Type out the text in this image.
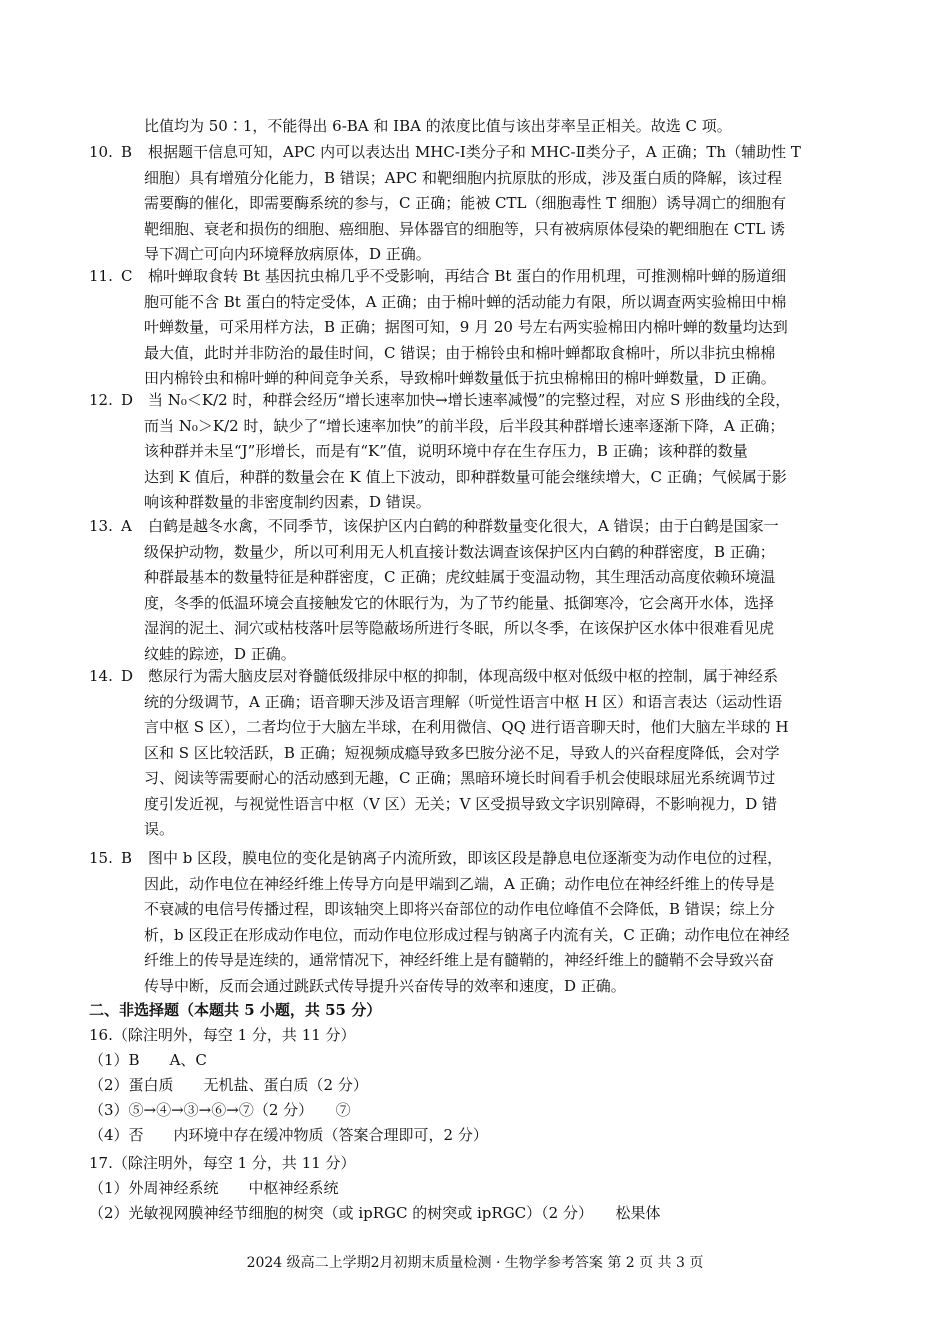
比值均为 50∶1，不能得出 6-BA 和 IBA 的浓度比值与该出芽率呈正相关。故选 C 项。
10. B 根据题干信息可知，APC 内可以表达出 MHC-Ⅰ类分子和 MHC-Ⅱ类分子，A 正确；Th（辅助性 T
细胞）具有增殖分化能力，B 错误；APC 和靶细胞内抗原肽的形成，涉及蛋白质的降解，该过程
需要酶的催化，即需要酶系统的参与，C 正确；能被 CTL（细胞毒性 T 细胞）诱导凋亡的细胞有
靶细胞、衰老和损伤的细胞、癌细胞、异体器官的细胞等，只有被病原体侵染的靶细胞在 CTL 诱
导下凋亡可向内环境释放病原体，D 正确。
11. C 棉叶蝉取食转 Bt 基因抗虫棉几乎不受影响，再结合 Bt 蛋白的作用机理，可推测棉叶蝉的肠道细
胞可能不含 Bt 蛋白的特定受体，A 正确；由于棉叶蝉的活动能力有限，所以调查两实验棉田中棉
叶蝉数量，可采用样方法，B 正确；据图可知，9 月 20 号左右两实验棉田内棉叶蝉的数量均达到
最大值，此时并非防治的最佳时间，C 错误；由于棉铃虫和棉叶蝉都取食棉叶，所以非抗虫棉棉
田内棉铃虫和棉叶蝉的种间竞争关系，导致棉叶蝉数量低于抗虫棉棉田的棉叶蝉数量，D 正确。
12. D 当 N₀＜K/2 时，种群会经历“增长速率加快→增长速率减慢”的完整过程，对应 S 形曲线的全段，
而当 N₀＞K/2 时，缺少了“增长速率加快”的前半段，后半段其种群增长速率逐渐下降，A 正确；
该种群并未呈“J”形增长，而是有“K”值，说明环境中存在生存压力，B 正确；该种群的数量
达到 K 值后，种群的数量会在 K 值上下波动，即种群数量可能会继续增大，C 正确；气候属于影
响该种群数量的非密度制约因素，D 错误。
13. A 白鹤是越冬水禽，不同季节，该保护区内白鹤的种群数量变化很大，A 错误；由于白鹤是国家一
级保护动物，数量少，所以可利用无人机直接计数法调查该保护区内白鹤的种群密度，B 正确；
种群最基本的数量特征是种群密度，C 正确；虎纹蛙属于变温动物，其生理活动高度依赖环境温
度，冬季的低温环境会直接触发它的休眠行为，为了节约能量、抵御寒冷，它会离开水体，选择
湿润的泥土、洞穴或枯枝落叶层等隐蔽场所进行冬眠，所以冬季，在该保护区水体中很难看见虎
纹蛙的踪迹，D 正确。
14. D 憋尿行为需大脑皮层对脊髓低级排尿中枢的抑制，体现高级中枢对低级中枢的控制，属于神经系
统的分级调节，A 正确；语音聊天涉及语言理解（听觉性语言中枢 H 区）和语言表达（运动性语
言中枢 S 区），二者均位于大脑左半球，在利用微信、QQ 进行语音聊天时，他们大脑左半球的 H
区和 S 区比较活跃，B 正确；短视频成瘾导致多巴胺分泌不足，导致人的兴奋程度降低，会对学
习、阅读等需要耐心的活动感到无趣，C 正确；黑暗环境长时间看手机会使眼球屈光系统调节过
度引发近视，与视觉性语言中枢（V 区）无关；V 区受损导致文字识别障碍，不影响视力，D 错
误。
15. B 图中 b 区段，膜电位的变化是钠离子内流所致，即该区段是静息电位逐渐变为动作电位的过程，
因此，动作电位在神经纤维上传导方向是甲端到乙端，A 正确；动作电位在神经纤维上的传导是
不衰减的电信号传播过程，即该轴突上即将兴奋部位的动作电位峰值不会降低，B 错误；综上分
析，b 区段正在形成动作电位，而动作电位形成过程与钠离子内流有关，C 正确；动作电位在神经
纤维上的传导是连续的，通常情况下，神经纤维上是有髓鞘的，神经纤维上的髓鞘不会导致兴奋
传导中断，反而会通过跳跃式传导提升兴奋传导的效率和速度，D 正确。
二、非选择题（本题共 5 小题，共 55 分）
16.（除注明外，每空 1 分，共 11 分）
（1）B　　A、C
（2）蛋白质　　无机盐、蛋白质（2 分）
（3）⑤→④→③→⑥→⑦（2 分）　　⑦
（4）否　　内环境中存在缓冲物质（答案合理即可，2 分）
17.（除注明外，每空 1 分，共 11 分）
（1）外周神经系统　　中枢神经系统
（2）光敏视网膜神经节细胞的树突（或 ipRGC 的树突或 ipRGC）（2 分）　　松果体
2024 级高二上学期2月初期末质量检测 · 生物学参考答案 第 2 页 共 3 页
